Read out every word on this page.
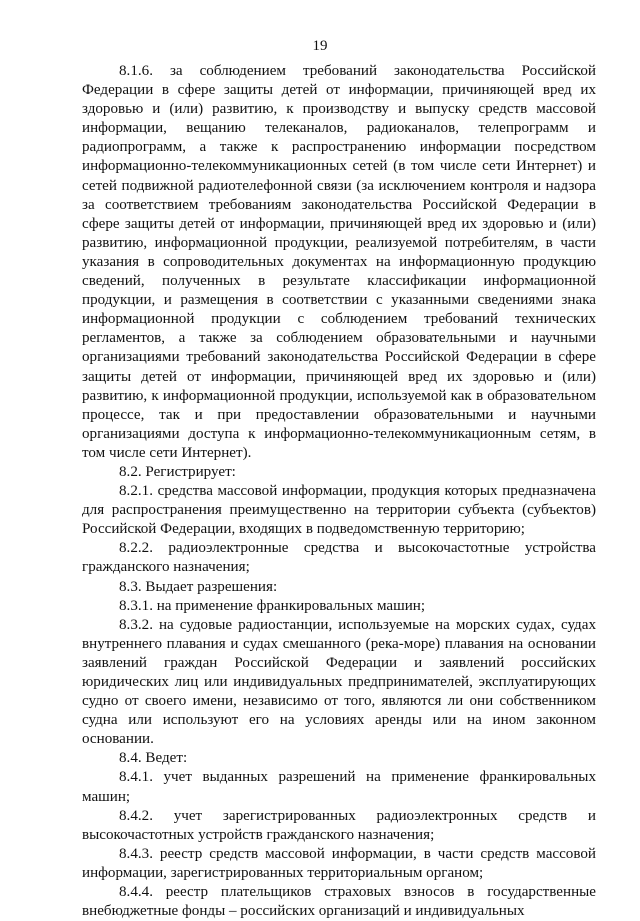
19

8.1.6. за соблюдением требований законодательства Российской Федерации в сфере защиты детей от информации, причиняющей вред их здоровью и (или) развитию, к производству и выпуску средств массовой информации, вещанию телеканалов, радиоканалов, телепрограмм и радиопрограмм, а также к распространению информации посредством информационно-телекоммуникационных сетей (в том числе сети Интернет) и сетей подвижной радиотелефонной связи (за исключением контроля и надзора за соответствием требованиям законодательства Российской Федерации в сфере защиты детей от информации, причиняющей вред их здоровью и (или) развитию, информационной продукции, реализуемой потребителям, в части указания в сопроводительных документах на информационную продукцию сведений, полученных в результате классификации информационной продукции, и размещения в соответствии с указанными сведениями знака информационной продукции с соблюдением требований технических регламентов, а также за соблюдением образовательными и научными организациями требований законодательства Российской Федерации в сфере защиты детей от информации, причиняющей вред их здоровью и (или) развитию, к информационной продукции, используемой как в образовательном процессе, так и при предоставлении образовательными и научными организациями доступа к информационно-телекоммуникационным сетям, в том числе сети Интернет).

8.2. Регистрирует:

8.2.1. средства массовой информации, продукция которых предназначена для распространения преимущественно на территории субъекта (субъектов) Российской Федерации, входящих в подведомственную территорию;

8.2.2. радиоэлектронные средства и высокочастотные устройства гражданского назначения;

8.3. Выдает разрешения:

8.3.1. на применение франкировальных машин;

8.3.2. на судовые радиостанции, используемые на морских судах, судах внутреннего плавания и судах смешанного (река-море) плавания на основании заявлений граждан Российской Федерации и заявлений российских юридических лиц или индивидуальных предпринимателей, эксплуатирующих судно от своего имени, независимо от того, являются ли они собственником судна или используют его на условиях аренды или на ином законном основании.

8.4. Ведет:

8.4.1. учет выданных разрешений на применение франкировальных машин;

8.4.2. учет зарегистрированных радиоэлектронных средств и высокочастотных устройств гражданского назначения;

8.4.3. реестр средств массовой информации, в части средств массовой информации, зарегистрированных территориальным органом;

8.4.4. реестр плательщиков страховых взносов в государственные внебюджетные фонды – российских организаций и индивидуальных
